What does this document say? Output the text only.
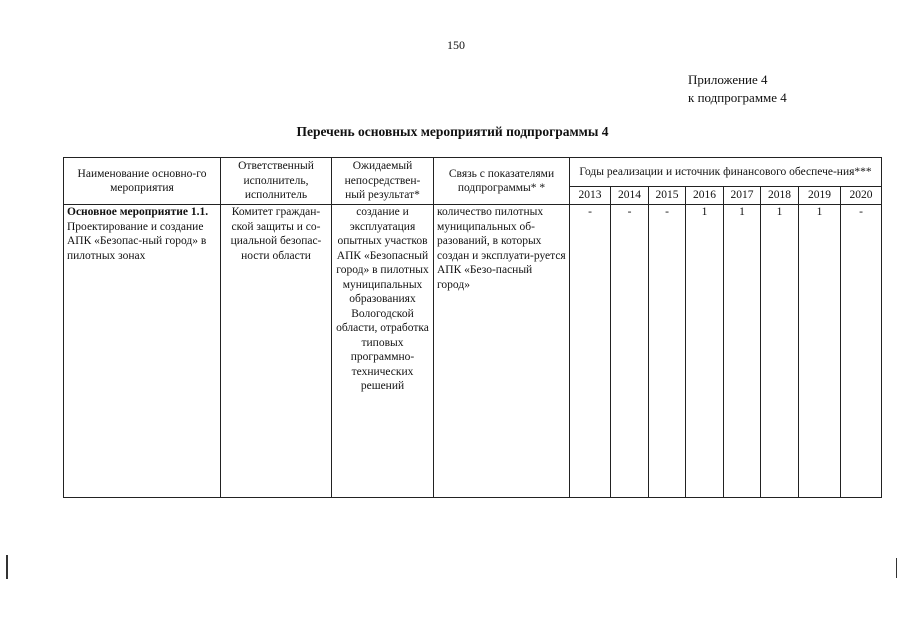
150
Приложение 4
к подпрограмме 4
Перечень основных мероприятий подпрограммы 4
Наименование основно-го мероприятия	Ответственный исполнитель, исполнитель	Ожидаемый непосредствен-ный результат*	Связь с показателями подпрограммы* *	Годы реализации и источник финансового обеспече-ния***							
				2013	2014	2015	2016	2017	2018	2019	2020
Основное мероприятие 1.1. Проектирование и создание АПК «Безопас-ный город» в пилотных зонах	Комитет граждан-ской защиты и со-циальной безопас-ности области	создание и эксплуатация опытных участков АПК «Безопасный город» в пилотных муниципальных образованиях Вологодской области, отработка типовых программно-технических решений	количество пилотных муниципальных об-разований, в которых создан и эксплуати-руется АПК «Безо-пасный город»	-	-	-	1	1	1	1	-
